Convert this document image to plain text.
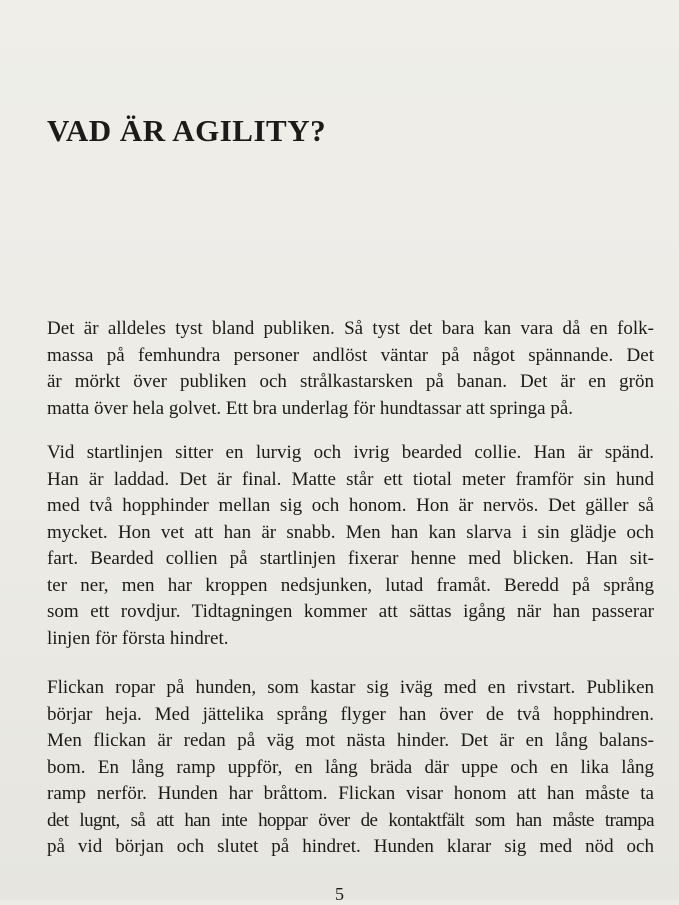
VAD ÄR AGILITY?

Det är alldeles tyst bland publiken. Så tyst det bara kan vara då en folk-
massa på femhundra personer andlöst väntar på något spännande. Det
är mörkt över publiken och strålkastarsken på banan. Det är en grön
matta över hela golvet. Ett bra underlag för hundtassar att springa på.

Vid startlinjen sitter en lurvig och ivrig bearded collie. Han är spänd.
Han är laddad. Det är final. Matte står ett tiotal meter framför sin hund
med två hopphinder mellan sig och honom. Hon är nervös. Det gäller så
mycket. Hon vet att han är snabb. Men han kan slarva i sin glädje och
fart. Bearded collien på startlinjen fixerar henne med blicken. Han sit-
ter ner, men har kroppen nedsjunken, lutad framåt. Beredd på språng
som ett rovdjur. Tidtagningen kommer att sättas igång när han passerar
linjen för första hindret.

Flickan ropar på hunden, som kastar sig iväg med en rivstart. Publiken
börjar heja. Med jättelika språng flyger han över de två hopphindren.
Men flickan är redan på väg mot nästa hinder. Det är en lång balans-
bom. En lång ramp uppför, en lång bräda där uppe och en lika lång
ramp nerför. Hunden har bråttom. Flickan visar honom att han måste ta
det lugnt, så att han inte hoppar över de kontaktfält som han måste trampa
på vid början och slutet på hindret. Hunden klarar sig med nöd och

5
